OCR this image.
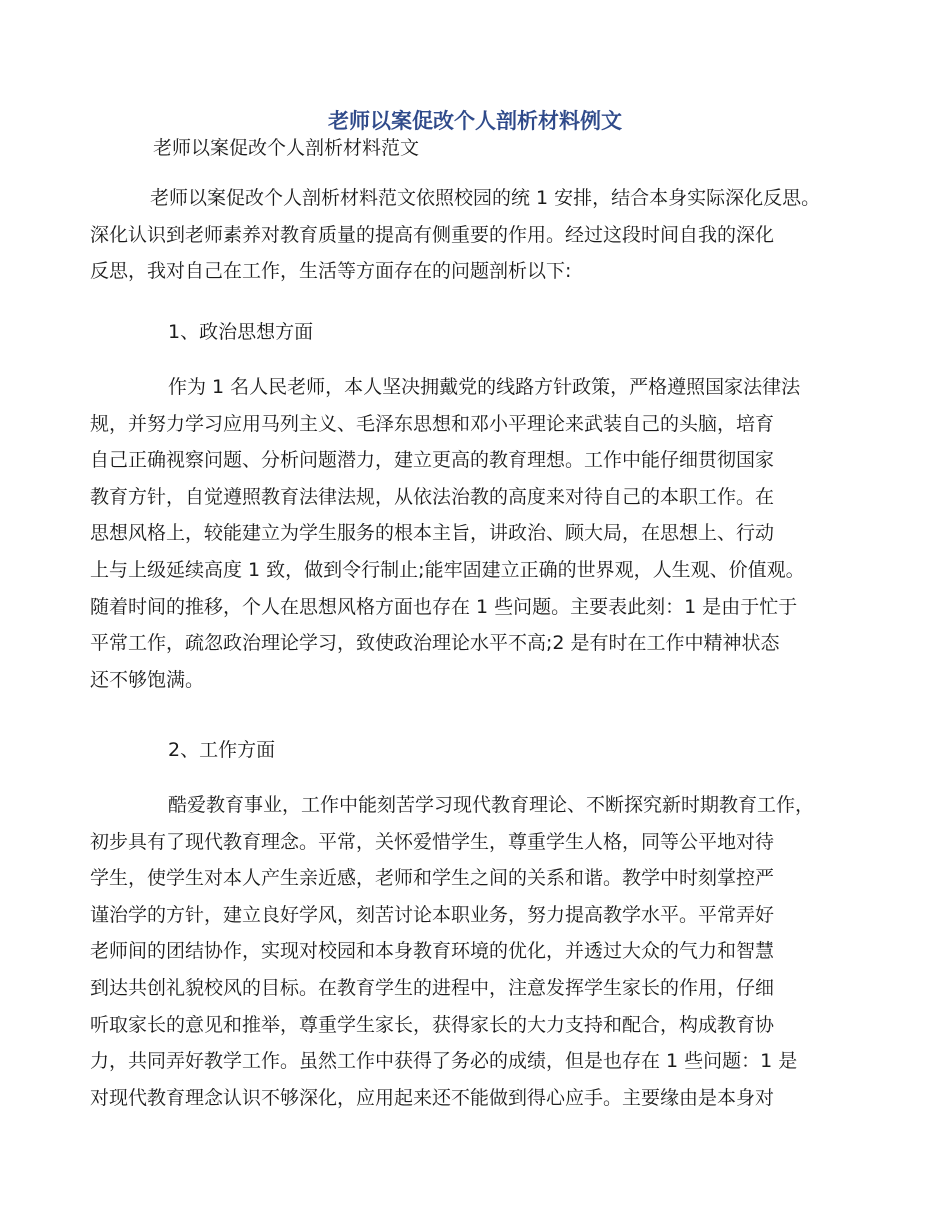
老师以案促改个人剖析材料例文

老师以案促改个人剖析材料范文

老师以案促改个人剖析材料范文依照校园的统 1 安排，结合本身实际深化反思。
深化认识到老师素养对教育质量的提高有侧重要的作用。经过这段时间自我的深化
反思，我对自己在工作，生活等方面存在的问题剖析以下:

1、政治思想方面

作为 1 名人民老师，本人坚决拥戴党的线路方针政策，严格遵照国家法律法
规，并努力学习应用马列主义、毛泽东思想和邓小平理论来武装自己的头脑，培育
自己正确视察问题、分析问题潜力，建立更高的教育理想。工作中能仔细贯彻国家
教育方针，自觉遵照教育法律法规，从依法治教的高度来对待自己的本职工作。在
思想风格上，较能建立为学生服务的根本主旨，讲政治、顾大局，在思想上、行动
上与上级延续高度 1 致，做到令行制止;能牢固建立正确的世界观，人生观、价值观。
随着时间的推移，个人在思想风格方面也存在 1 些问题。主要表此刻：1 是由于忙于
平常工作，疏忽政治理论学习，致使政治理论水平不高;2 是有时在工作中精神状态
还不够饱满。

2、工作方面

酷爱教育事业，工作中能刻苦学习现代教育理论、不断探究新时期教育工作，
初步具有了现代教育理念。平常，关怀爱惜学生，尊重学生人格，同等公平地对待
学生，使学生对本人产生亲近感，老师和学生之间的关系和谐。教学中时刻掌控严
谨治学的方针，建立良好学风，刻苦讨论本职业务，努力提高教学水平。平常弄好
老师间的团结协作，实现对校园和本身教育环境的优化，并透过大众的气力和智慧
到达共创礼貌校风的目标。在教育学生的进程中，注意发挥学生家长的作用，仔细
听取家长的意见和推举，尊重学生家长，获得家长的大力支持和配合，构成教育协
力，共同弄好教学工作。虽然工作中获得了务必的成绩，但是也存在 1 些问题：1 是
对现代教育理念认识不够深化，应用起来还不能做到得心应手。主要缘由是本身对
